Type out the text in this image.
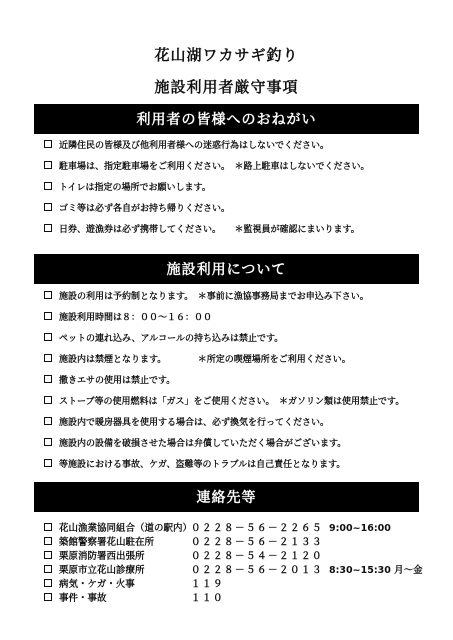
花山湖ワカサギ釣り
施設利用者厳守事項
利用者の皆様へのおねがい
近隣住民の皆様及び他利用者様への迷惑行為はしないでください。
駐車場は、指定駐車場をご利用ください。　＊路上駐車はしないでください。
トイレは指定の場所でお願いします。
ゴミ等は必ず各自がお持ち帰りください。
日券、遊漁券は必ず携帯してください。　　＊監視員が確認にまいります。
施設利用について
施設の利用は予約制となります。　＊事前に漁協事務局までお申込み下さい。
施設利用時間は８：００～１６：００
ペットの連れ込み、アルコールの持ち込みは禁止です。
施設内は禁煙となります。　　　　＊所定の喫煙場所をご利用ください。
撒きエサの使用は禁止です。
ストーブ等の使用燃料は「ガス」をご使用ください。　＊ガソリン類は使用禁止です。
施設内で暖房器具を使用する場合は、必ず換気を行ってください。
施設内の設備を破損させた場合は弁償していただく場合がございます。
等施設における事故、ケガ、盗難等のトラブルは自己責任となります。
連絡先等
花山漁業協同組合（道の駅内）０２２８－５６－２２６５ 9:00~16:00
築館警察署花山駐在所	０２２８－５６－２１３３
栗原消防署西出張所	０２２８－５４－２１２０
栗原市立花山診療所	０２２８－５６－２０１３ 8:30~15:30 月～金
病気・ケガ・火事	１１９
事件・事故	１１０
